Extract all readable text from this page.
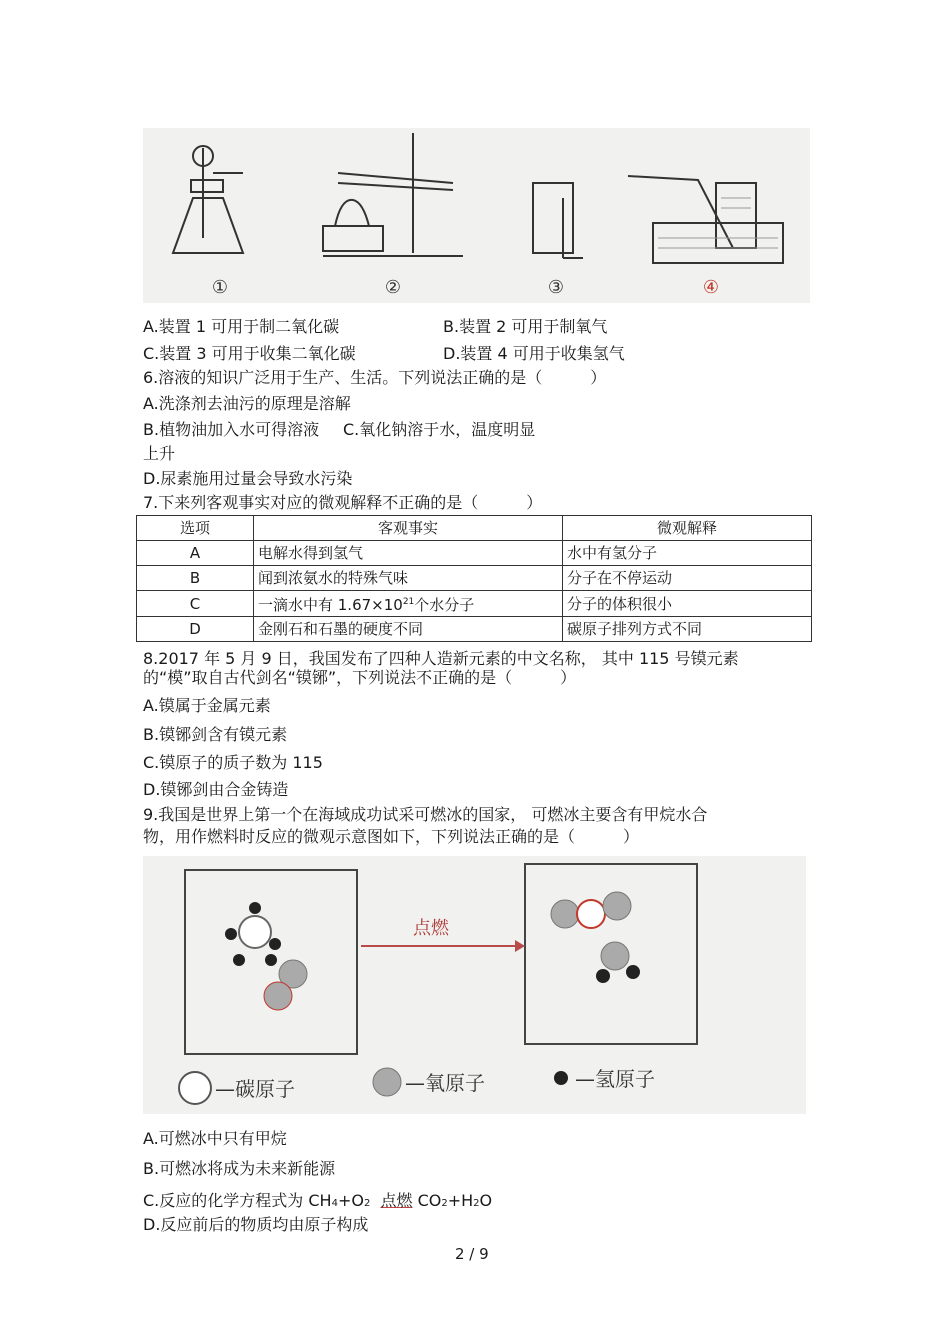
①	②	③	④
A.装置 1 可用于制二氧化碳	B.装置 2 可用于制氧气
C.装置 3 可用于收集二氧化碳	D.装置 4 可用于收集氢气
6.溶液的知识广泛用于生产、生活。下列说法正确的是（　　　）
A.洗涤剂去油污的原理是溶解
B.植物油加入水可得溶液 C.氧化钠溶于水，温度明显
上升
D.尿素施用过量会导致水污染
7.下来列客观事实对应的微观解释不正确的是（　　　）
选项	客观事实	微观解释
A	电解水得到氢气	水中有氢分子
B	闻到浓氨水的特殊气味	分子在不停运动
C	一滴水中有 $1.67\times 10^{21}$个水分子	分子的体积很小
D	金刚石和石墨的硬度不同	碳原子排列方式不同
8.2017 年 5 月 9 日，我国发布了四种人造新元素的中文名称， 其中 115 号镆元素
的“模”取自古代剑名“镆铘”，下列说法不正确的是（　　　）
A.镆属于金属元素
B.镆铘剑含有镆元素
C.镆原子的质子数为 115
D.镆铘剑由合金铸造
9.我国是世界上第一个在海域成功试采可燃冰的国家， 可燃冰主要含有甲烷水合
物，用作燃料时反应的微观示意图如下，下列说法正确的是（　　　）
点燃
—碳原子	—氧原子	—氢原子
A.可燃冰中只有甲烷
B.可燃冰将成为未来新能源
C.反应的化学方程式为 CH4+O2 点燃 CO2+H2O
D.反应前后的物质均由原子构成
2 / 9
